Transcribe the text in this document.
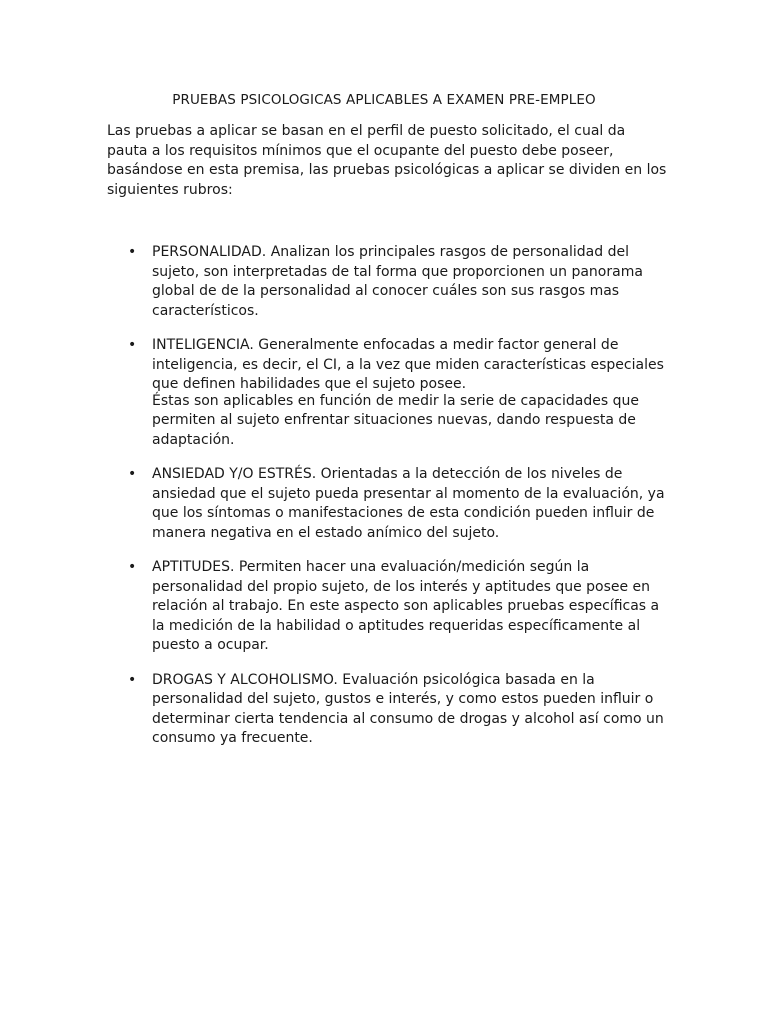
PRUEBAS PSICOLOGICAS APLICABLES A EXAMEN PRE-EMPLEO

Las pruebas a aplicar se basan en el perfil de puesto solicitado, el cual da pauta a los requisitos mínimos que el ocupante del puesto debe poseer, basándose en esta premisa, las pruebas psicológicas a aplicar se dividen en los siguientes rubros:

• PERSONALIDAD. Analizan los principales rasgos de personalidad del sujeto, son interpretadas de tal forma que proporcionen un panorama global de de la personalidad al conocer cuáles son sus rasgos mas característicos.
• INTELIGENCIA. Generalmente enfocadas a medir factor general de inteligencia, es decir, el CI, a la vez que miden características especiales que definen habilidades que el sujeto posee.
Éstas son aplicables en función de medir la serie de capacidades que permiten al sujeto enfrentar situaciones nuevas, dando respuesta de adaptación.
• ANSIEDAD Y/O ESTRÉS. Orientadas a la detección de los niveles de ansiedad que el sujeto pueda presentar al momento de la evaluación, ya que los síntomas o manifestaciones de esta condición pueden influir de manera negativa en el estado anímico del sujeto.
• APTITUDES. Permiten hacer una evaluación/medición según la personalidad del propio sujeto, de los interés y aptitudes que posee en relación al trabajo. En este aspecto son aplicables pruebas específicas a la medición de la habilidad o aptitudes requeridas específicamente al puesto a ocupar.
• DROGAS Y ALCOHOLISMO. Evaluación psicológica basada en la personalidad del sujeto, gustos e interés, y como estos pueden influir o determinar cierta tendencia al consumo de drogas y alcohol así como un consumo ya frecuente.
